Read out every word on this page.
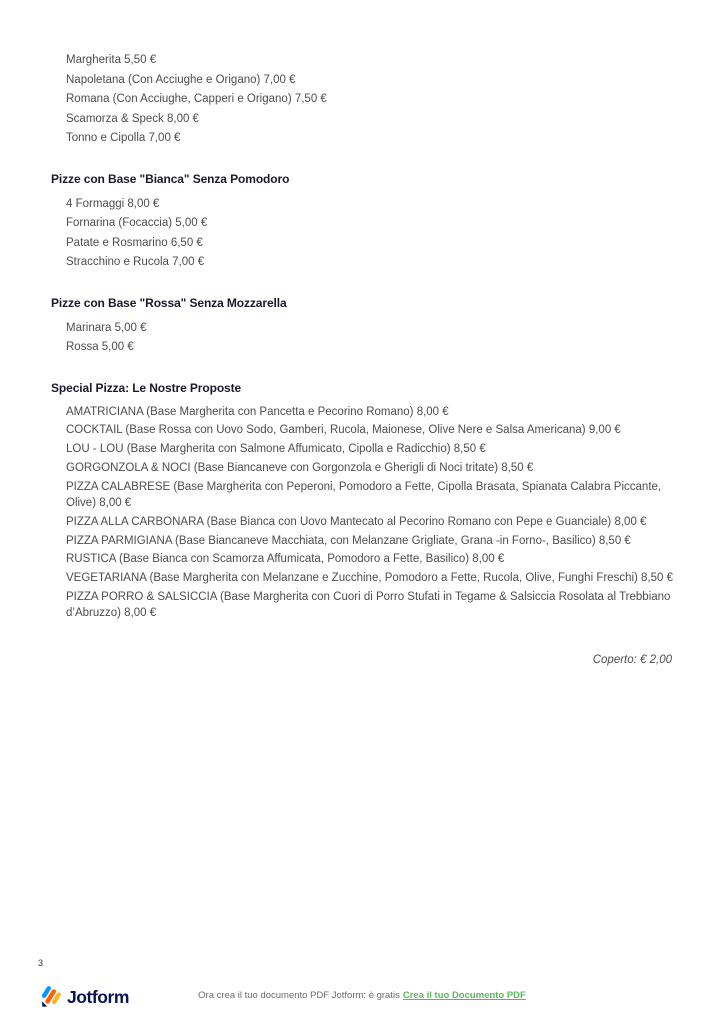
Margherita 5,50 €
Napoletana (Con Acciughe e Origano) 7,00 €
Romana (Con Acciughe, Capperi e Origano) 7,50 €
Scamorza & Speck 8,00 €
Tonno e Cipolla 7,00 €
Pizze con Base "Bianca" Senza Pomodoro
4 Formaggi 8,00 €
Fornarina (Focaccia) 5,00 €
Patate e Rosmarino 6,50 €
Stracchino e Rucola 7,00 €
Pizze con Base "Rossa" Senza Mozzarella
Marinara 5,00 €
Rossa 5,00 €
Special Pizza: Le Nostre Proposte
AMATRICIANA (Base Margherita con Pancetta e Pecorino Romano) 8,00 €
COCKTAIL (Base Rossa con Uovo Sodo, Gamberi, Rucola, Maionese, Olive Nere e Salsa Americana) 9,00 €
LOU - LOU (Base Margherita con Salmone Affumicato, Cipolla e Radicchio) 8,50 €
GORGONZOLA & NOCI (Base Biancaneve con Gorgonzola e Gherigli di Noci tritate) 8,50 €
PIZZA CALABRESE (Base Margherita con Peperoni, Pomodoro a Fette, Cipolla Brasata, Spianata Calabra Piccante, Olive) 8,00 €
PIZZA ALLA CARBONARA (Base Bianca con Uovo Mantecato al Pecorino Romano con Pepe e Guanciale) 8,00 €
PIZZA PARMIGIANA (Base Biancaneve Macchiata, con Melanzane Grigliate, Grana -in Forno-, Basilico) 8,50 €
RUSTICA (Base Bianca con Scamorza Affumicata, Pomodoro a Fette, Basilico) 8,00 €
VEGETARIANA (Base Margherita con Melanzane e Zucchine, Pomodoro a Fette, Rucola, Olive, Funghi Freschi) 8,50 €
PIZZA PORRO & SALSICCIA (Base Margherita con Cuori di Porro Stufati in Tegame & Salsiccia Rosolata al Trebbiano d’Abruzzo) 8,00 €
Coperto: € 2,00
3
Jotform	Ora crea il tuo documento PDF Jotform: è gratis Crea il tuo Documento PDF
